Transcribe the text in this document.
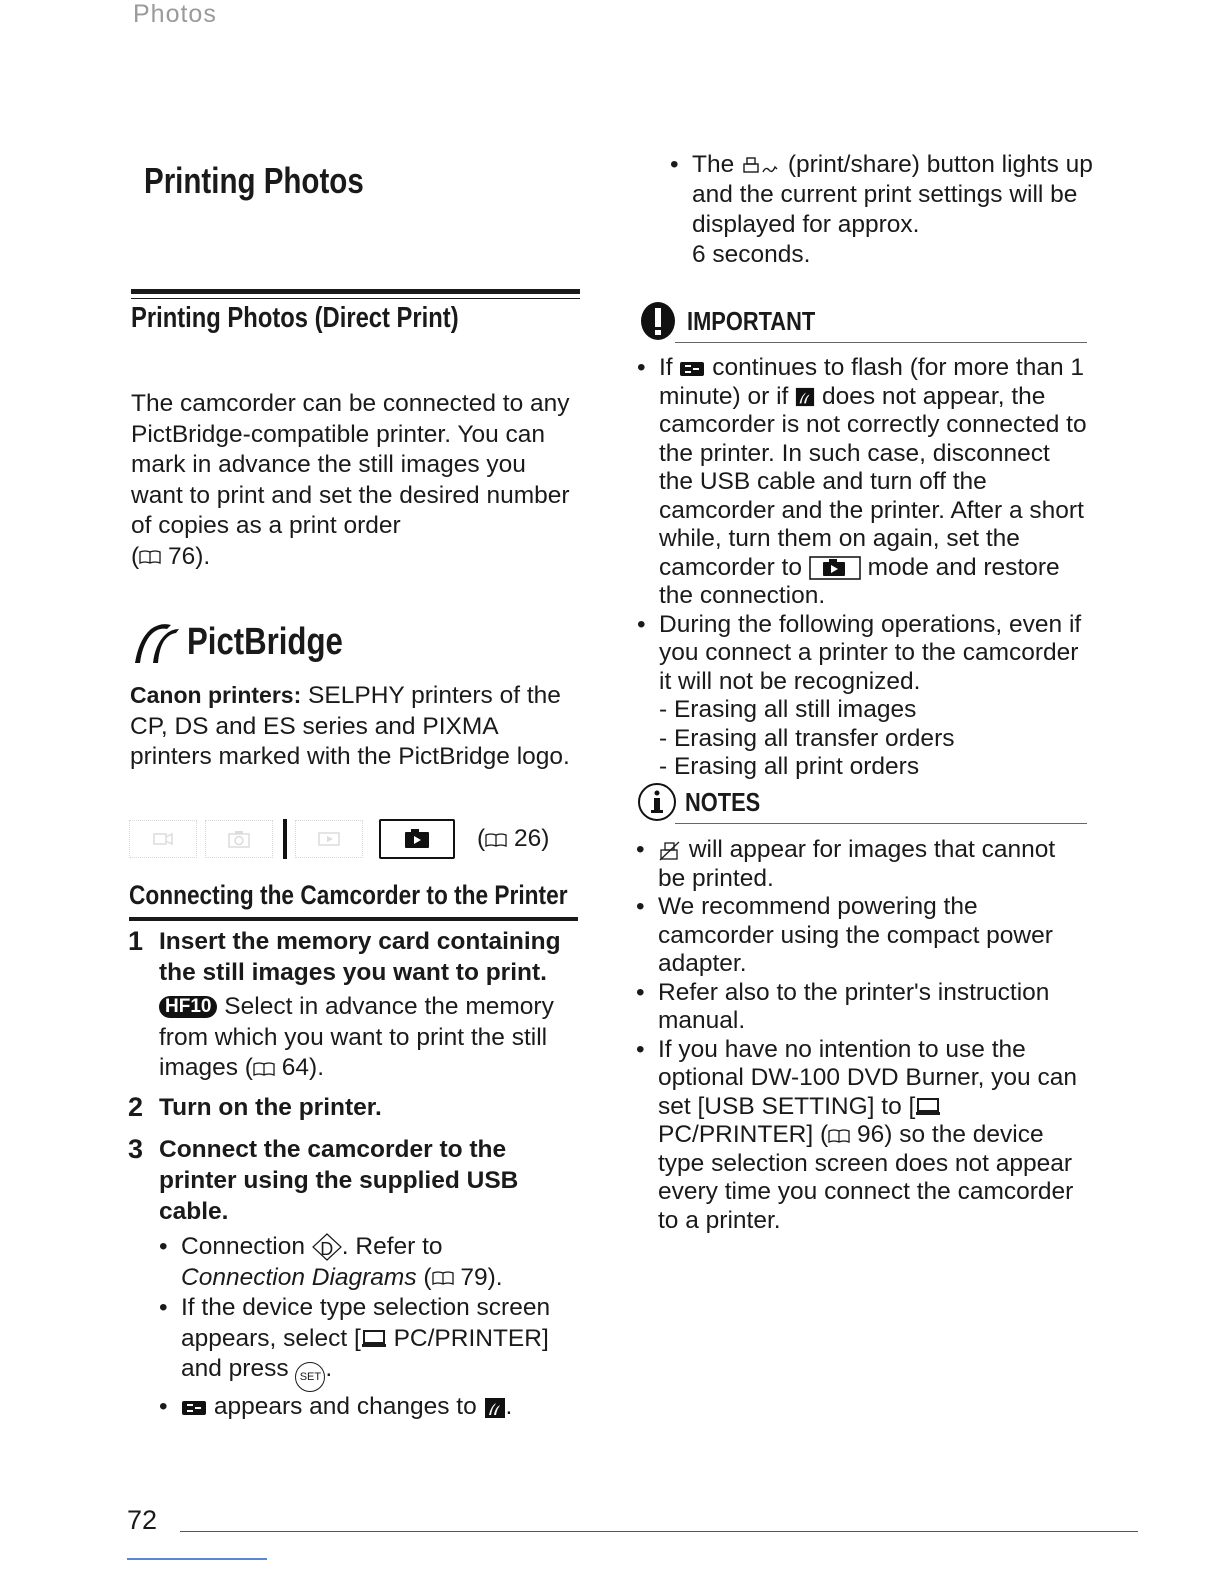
Photos
Printing Photos
Printing Photos (Direct Print)
The camcorder can be connected to any PictBridge-compatible printer. You can mark in advance the still images you want to print and set the desired number of copies as a print order
( 76).
PictBridge
Canon printers: SELPHY printers of the CP, DS and ES series and PIXMA printers marked with the PictBridge logo.
( 26)
Connecting the Camcorder to the Printer
1 Insert the memory card containing the still images you want to print.
HF10 Select in advance the memory from which you want to print the still images ( 64).
2 Turn on the printer.
3 Connect the camcorder to the printer using the supplied USB cable.
• Connection D . Refer to
Connection Diagrams ( 79).
• If the device type selection screen appears, select [ PC/PRINTER] and press SET .
• appears and changes to .
• The (print/share) button lights up and the current print settings will be displayed for approx.
6 seconds.
IMPORTANT
• If continues to flash (for more than 1 minute) or if does not appear, the camcorder is not correctly connected to the printer. In such case, disconnect the USB cable and turn off the camcorder and the printer. After a short while, turn them on again, set the camcorder to	mode and restore the connection.
• During the following operations, even if you connect a printer to the camcorder it will not be recognized.
- Erasing all still images
- Erasing all transfer orders
- Erasing all print orders
NOTES
• will appear for images that cannot be printed.
• We recommend powering the camcorder using the compact power adapter.
• Refer also to the printer's instruction manual.
• If you have no intention to use the optional DW-100 DVD Burner, you can set [USB SETTING] to [ PC/PRINTER] ( 96) so the device type selection screen does not appear every time you connect the camcorder to a printer.
72
